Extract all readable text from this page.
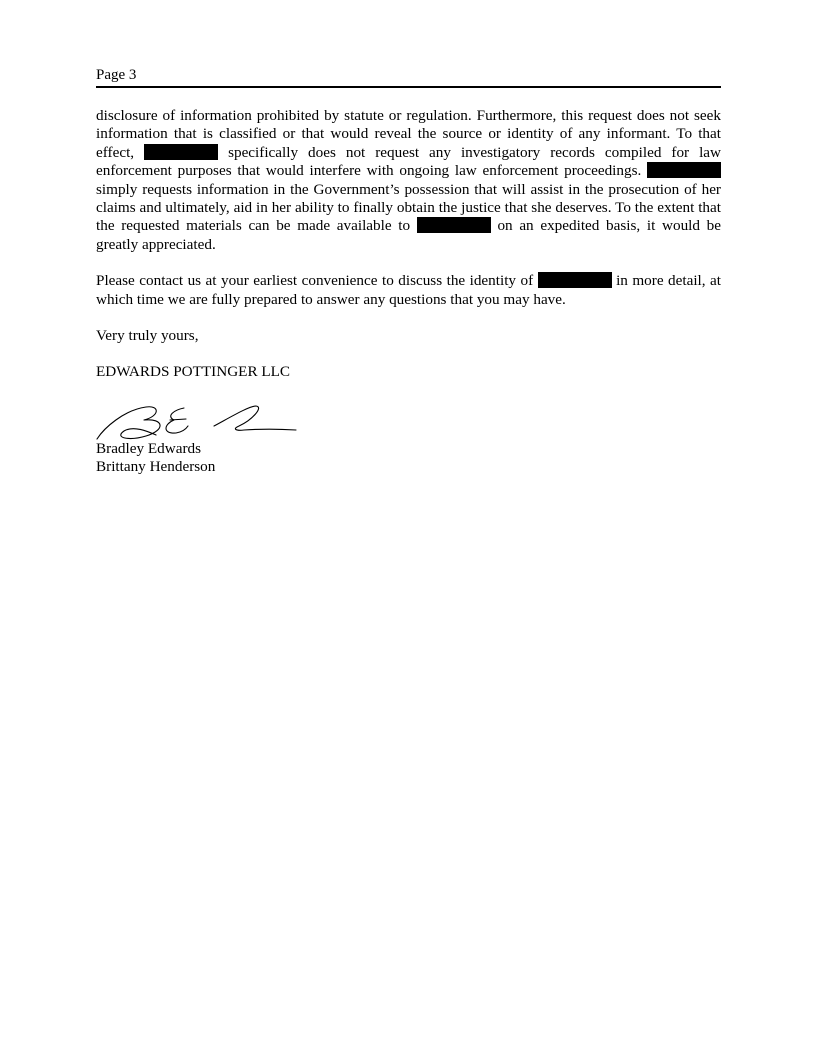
Page 3

disclosure of information prohibited by statute or regulation. Furthermore, this request does not seek information that is classified or that would reveal the source or identity of any informant. To that effect,	specifically does not request any investigatory records compiled for law enforcement purposes that would interfere with ongoing law enforcement proceedings.  simply requests information in the Government’s possession that will assist in the prosecution of her claims and ultimately, aid in her ability to finally obtain the justice that she deserves. To the extent that the requested materials can be made available to	on an expedited basis, it would be greatly appreciated.

Please contact us at your earliest convenience to discuss the identity of	in more detail, at which time we are fully prepared to answer any questions that you may have.

Very truly yours,

EDWARDS POTTINGER LLC

Bradley Edwards

Brittany Henderson
